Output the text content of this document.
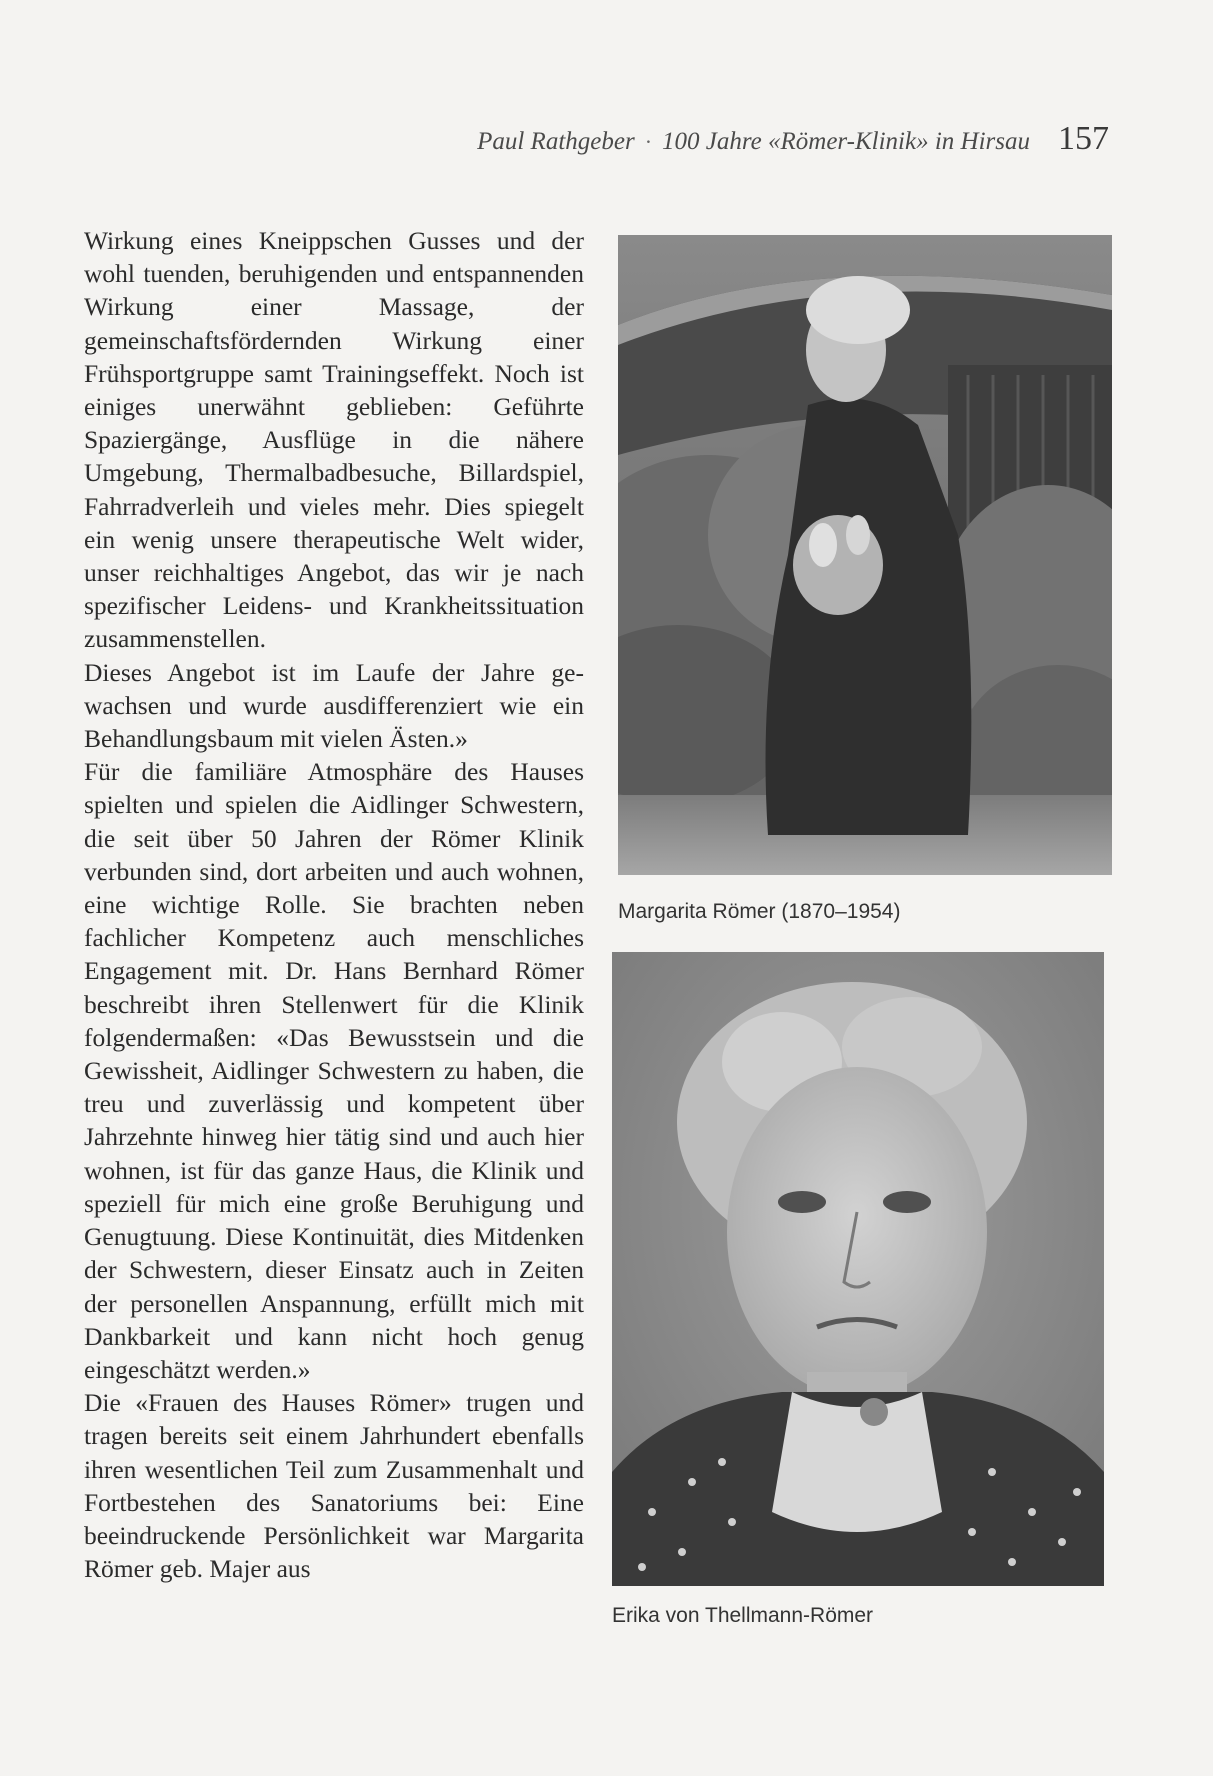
Paul Rathgeber · 100 Jahre «Römer-Klinik» in Hirsau 157

Wirkung eines Kneippschen Gusses und der wohl tuenden, beruhigenden und entspannenden Wirkung einer Massage, der gemeinschaftsfördernden Wirkung einer Frühsportgruppe samt Trainingseffekt. Noch ist einiges unerwähnt geblieben: Geführte Spaziergänge, Ausflüge in die nähere Umgebung, Thermalbadbesuche, Billardspiel, Fahrradverleih und vieles mehr. Dies spiegelt ein wenig unsere therapeutische Welt wider, unser reichhaltiges Angebot, das wir je nach spezifischer Leidens- und Krankheitssituation zusammenstellen.

Dieses Angebot ist im Laufe der Jahre gewachsen und wurde ausdifferenziert wie ein Behandlungsbaum mit vielen Ästen.»

Für die familiäre Atmosphäre des Hauses spielten und spielen die Aidlinger Schwestern, die seit über 50 Jahren der Römer Klinik verbunden sind, dort arbeiten und auch wohnen, eine wichtige Rolle. Sie brachten neben fachlicher Kompetenz auch menschliches Engagement mit. Dr. Hans Bernhard Römer beschreibt ihren Stellenwert für die Klinik folgendermaßen: «Das Bewusstsein und die Gewissheit, Aidlinger Schwestern zu haben, die treu und zuverlässig und kompetent über Jahrzehnte hinweg hier tätig sind und auch hier wohnen, ist für das ganze Haus, die Klinik und speziell für mich eine große Beruhigung und Genugtuung. Diese Kontinuität, dies Mitdenken der Schwestern, dieser Einsatz auch in Zeiten der personellen Anspannung, erfüllt mich mit Dankbarkeit und kann nicht hoch genug eingeschätzt werden.»

Die «Frauen des Hauses Römer» trugen und tragen bereits seit einem Jahrhundert ebenfalls ihren wesentlichen Teil zum Zusammenhalt und Fortbestehen des Sanatoriums bei: Eine beeindruckende Persönlichkeit war Margarita Römer geb. Majer aus

Margarita Römer (1870–1954)
Erika von Thellmann-Römer
